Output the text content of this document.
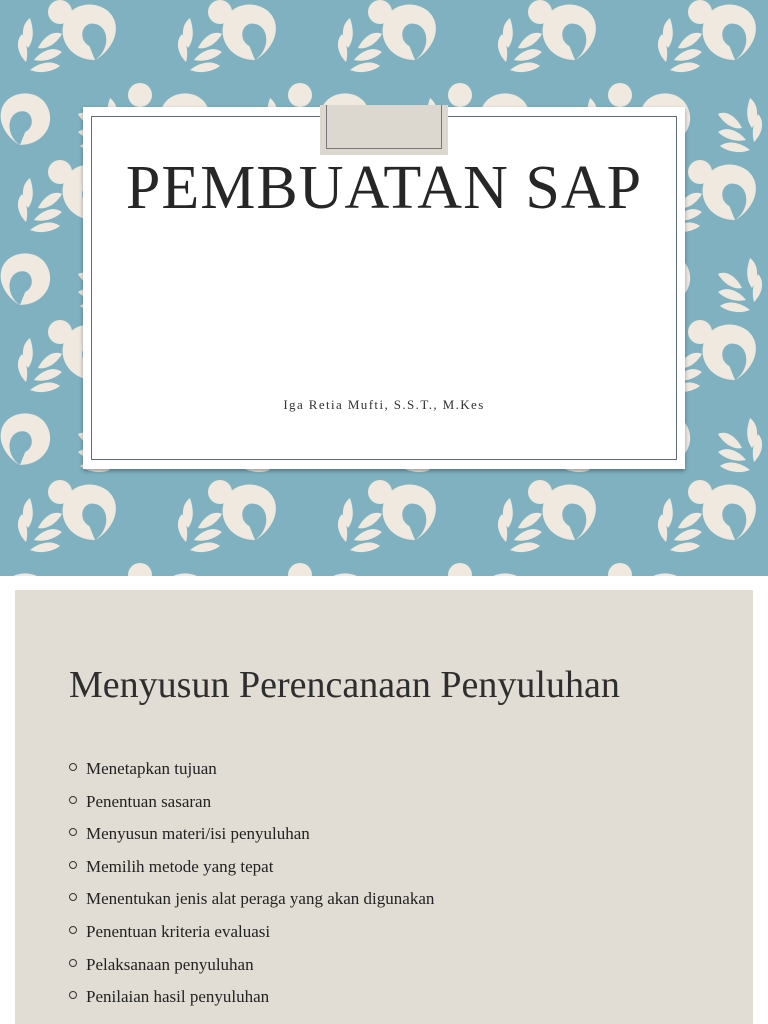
PEMBUATAN SAP
Iga Retia Mufti, S.S.T., M.Kes
Menyusun Perencanaan Penyuluhan
Menetapkan tujuan
Penentuan sasaran
Menyusun materi/isi penyuluhan
Memilih metode yang tepat
Menentukan jenis alat peraga yang akan digunakan
Penentuan kriteria evaluasi
Pelaksanaan penyuluhan
Penilaian hasil penyuluhan
